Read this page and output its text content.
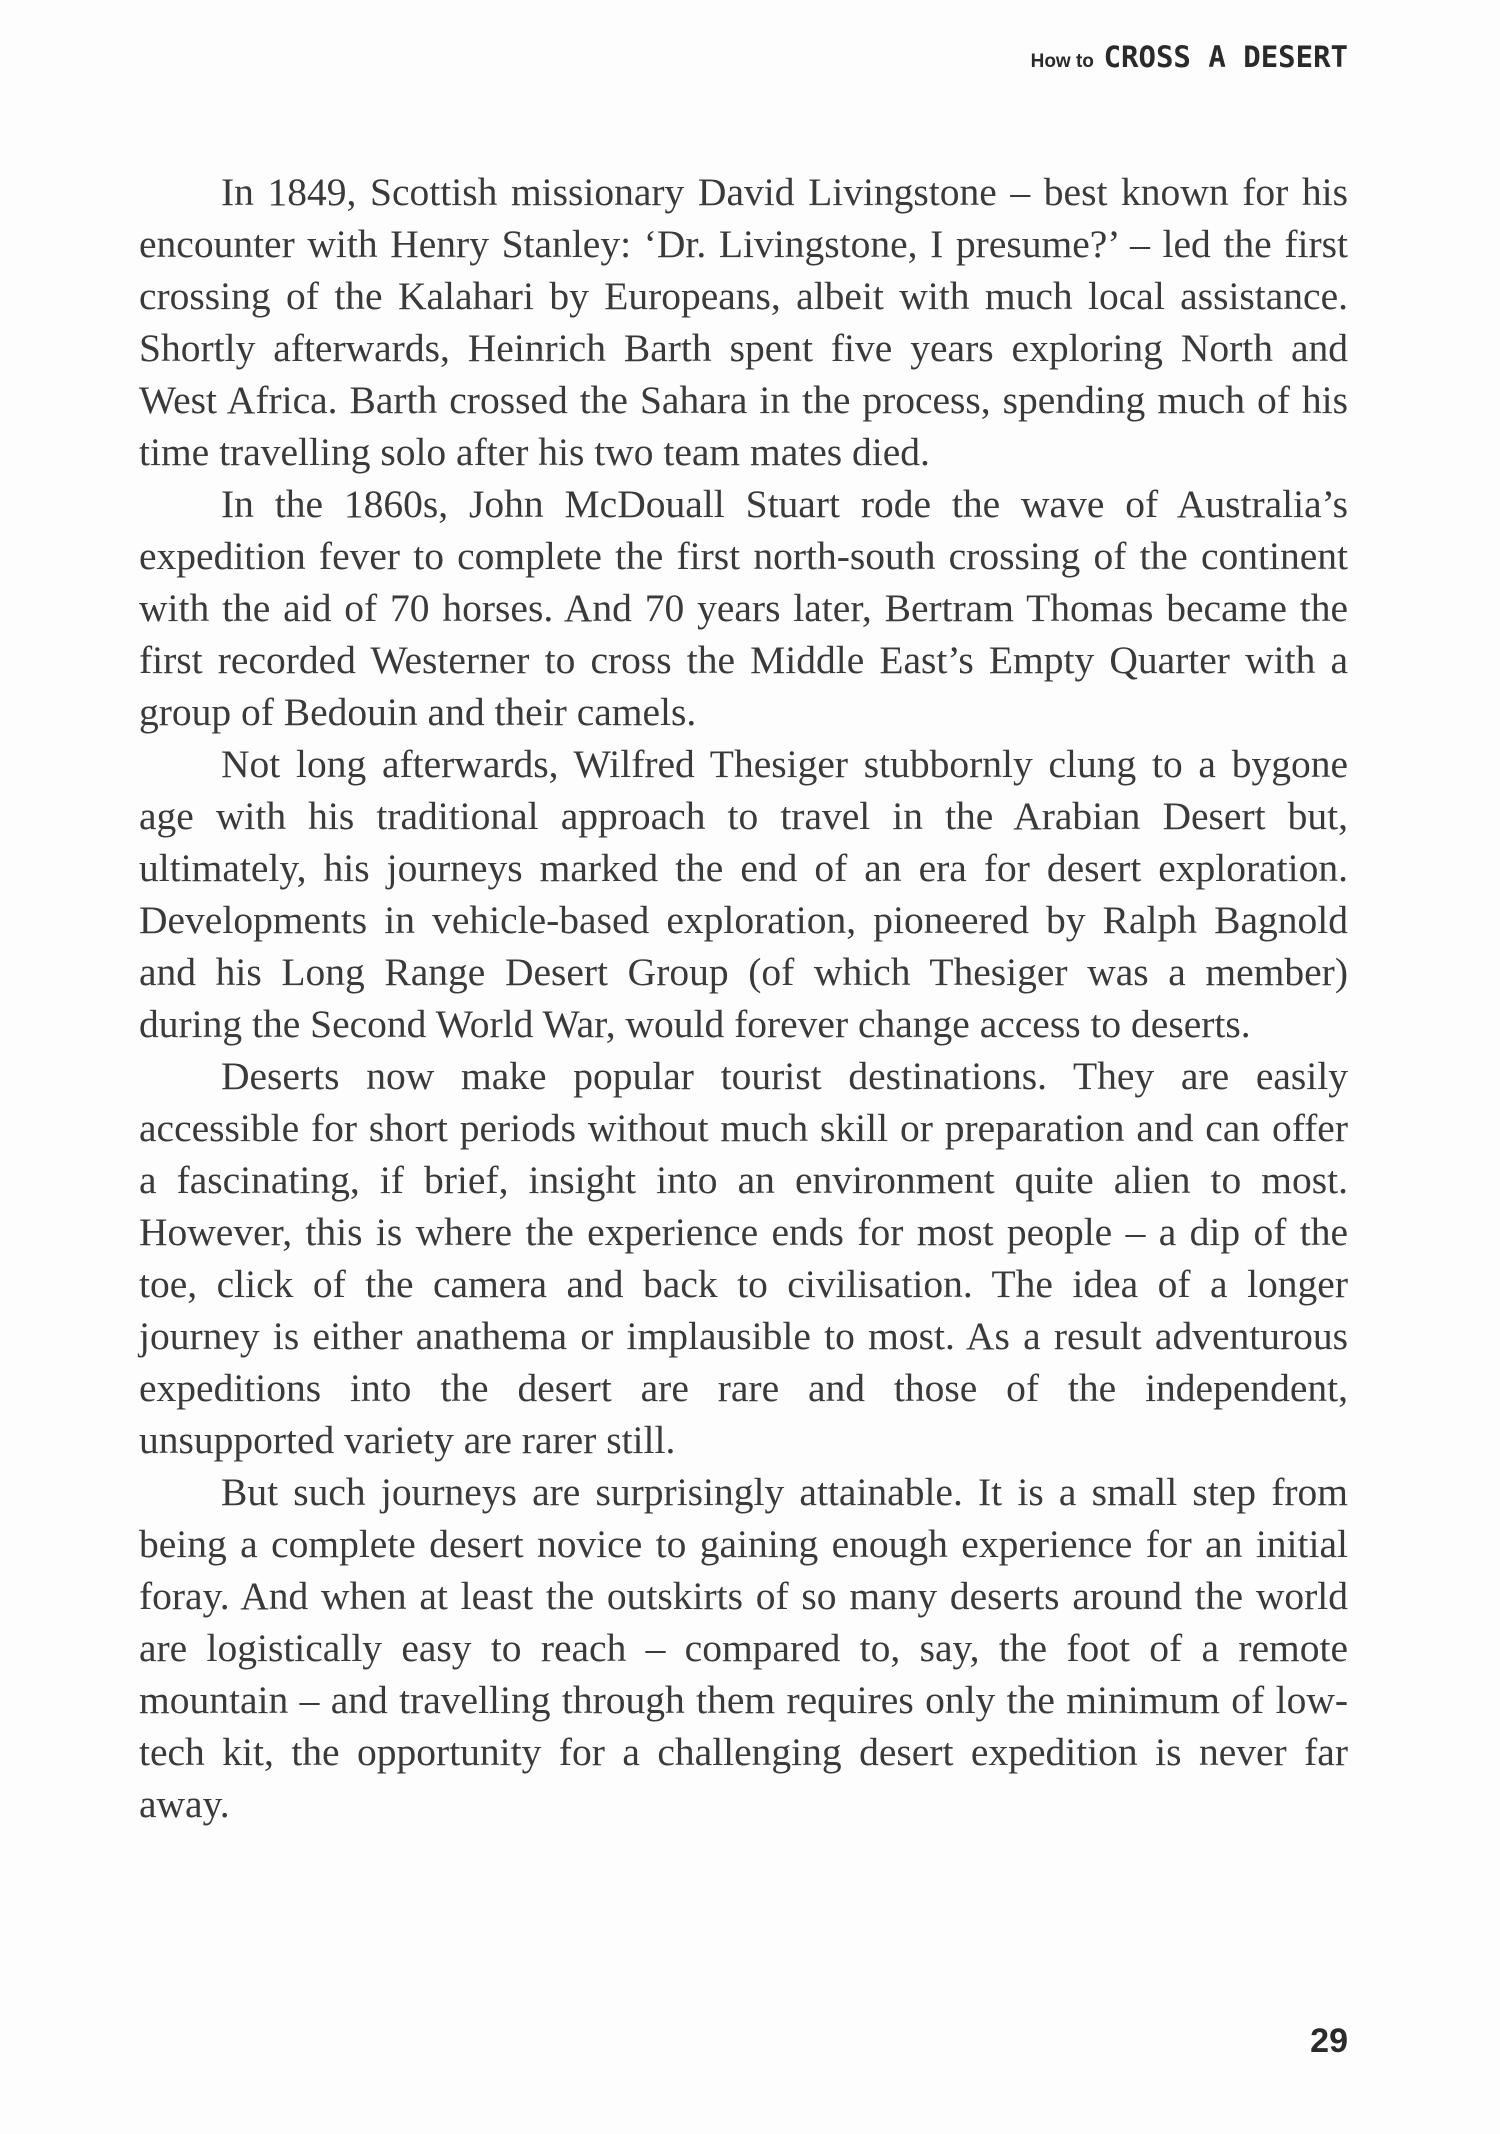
How to CROSS A DESERT

In 1849, Scottish missionary David Livingstone – best known for his encounter with Henry Stanley: ‘Dr. Livingstone, I presume?’ – led the first crossing of the Kalahari by Europeans, albeit with much local assistance. Shortly afterwards, Heinrich Barth spent five years exploring North and West Africa. Barth crossed the Sahara in the process, spending much of his time travelling solo after his two team mates died.

In the 1860s, John McDouall Stuart rode the wave of Australia’s expedition fever to complete the first north-south crossing of the continent with the aid of 70 horses. And 70 years later, Bertram Thomas became the first recorded Westerner to cross the Middle East’s Empty Quarter with a group of Bedouin and their camels.

Not long afterwards, Wilfred Thesiger stubbornly clung to a bygone age with his traditional approach to travel in the Arabian Desert but, ultimately, his journeys marked the end of an era for desert exploration. Developments in vehicle-based exploration, pioneered by Ralph Bagnold and his Long Range Desert Group (of which Thesiger was a member) during the Second World War, would forever change access to deserts.

Deserts now make popular tourist destinations. They are easily accessible for short periods without much skill or preparation and can offer a fascinating, if brief, insight into an environment quite alien to most. However, this is where the experience ends for most people – a dip of the toe, click of the camera and back to civilisation. The idea of a longer journey is either anathema or implausible to most. As a result adventurous expeditions into the desert are rare and those of the independent, unsupported variety are rarer still.

But such journeys are surprisingly attainable. It is a small step from being a complete desert novice to gaining enough experience for an initial foray. And when at least the outskirts of so many deserts around the world are logistically easy to reach – compared to, say, the foot of a remote mountain – and travelling through them requires only the minimum of low-tech kit, the opportunity for a challenging desert expedition is never far away.

29
